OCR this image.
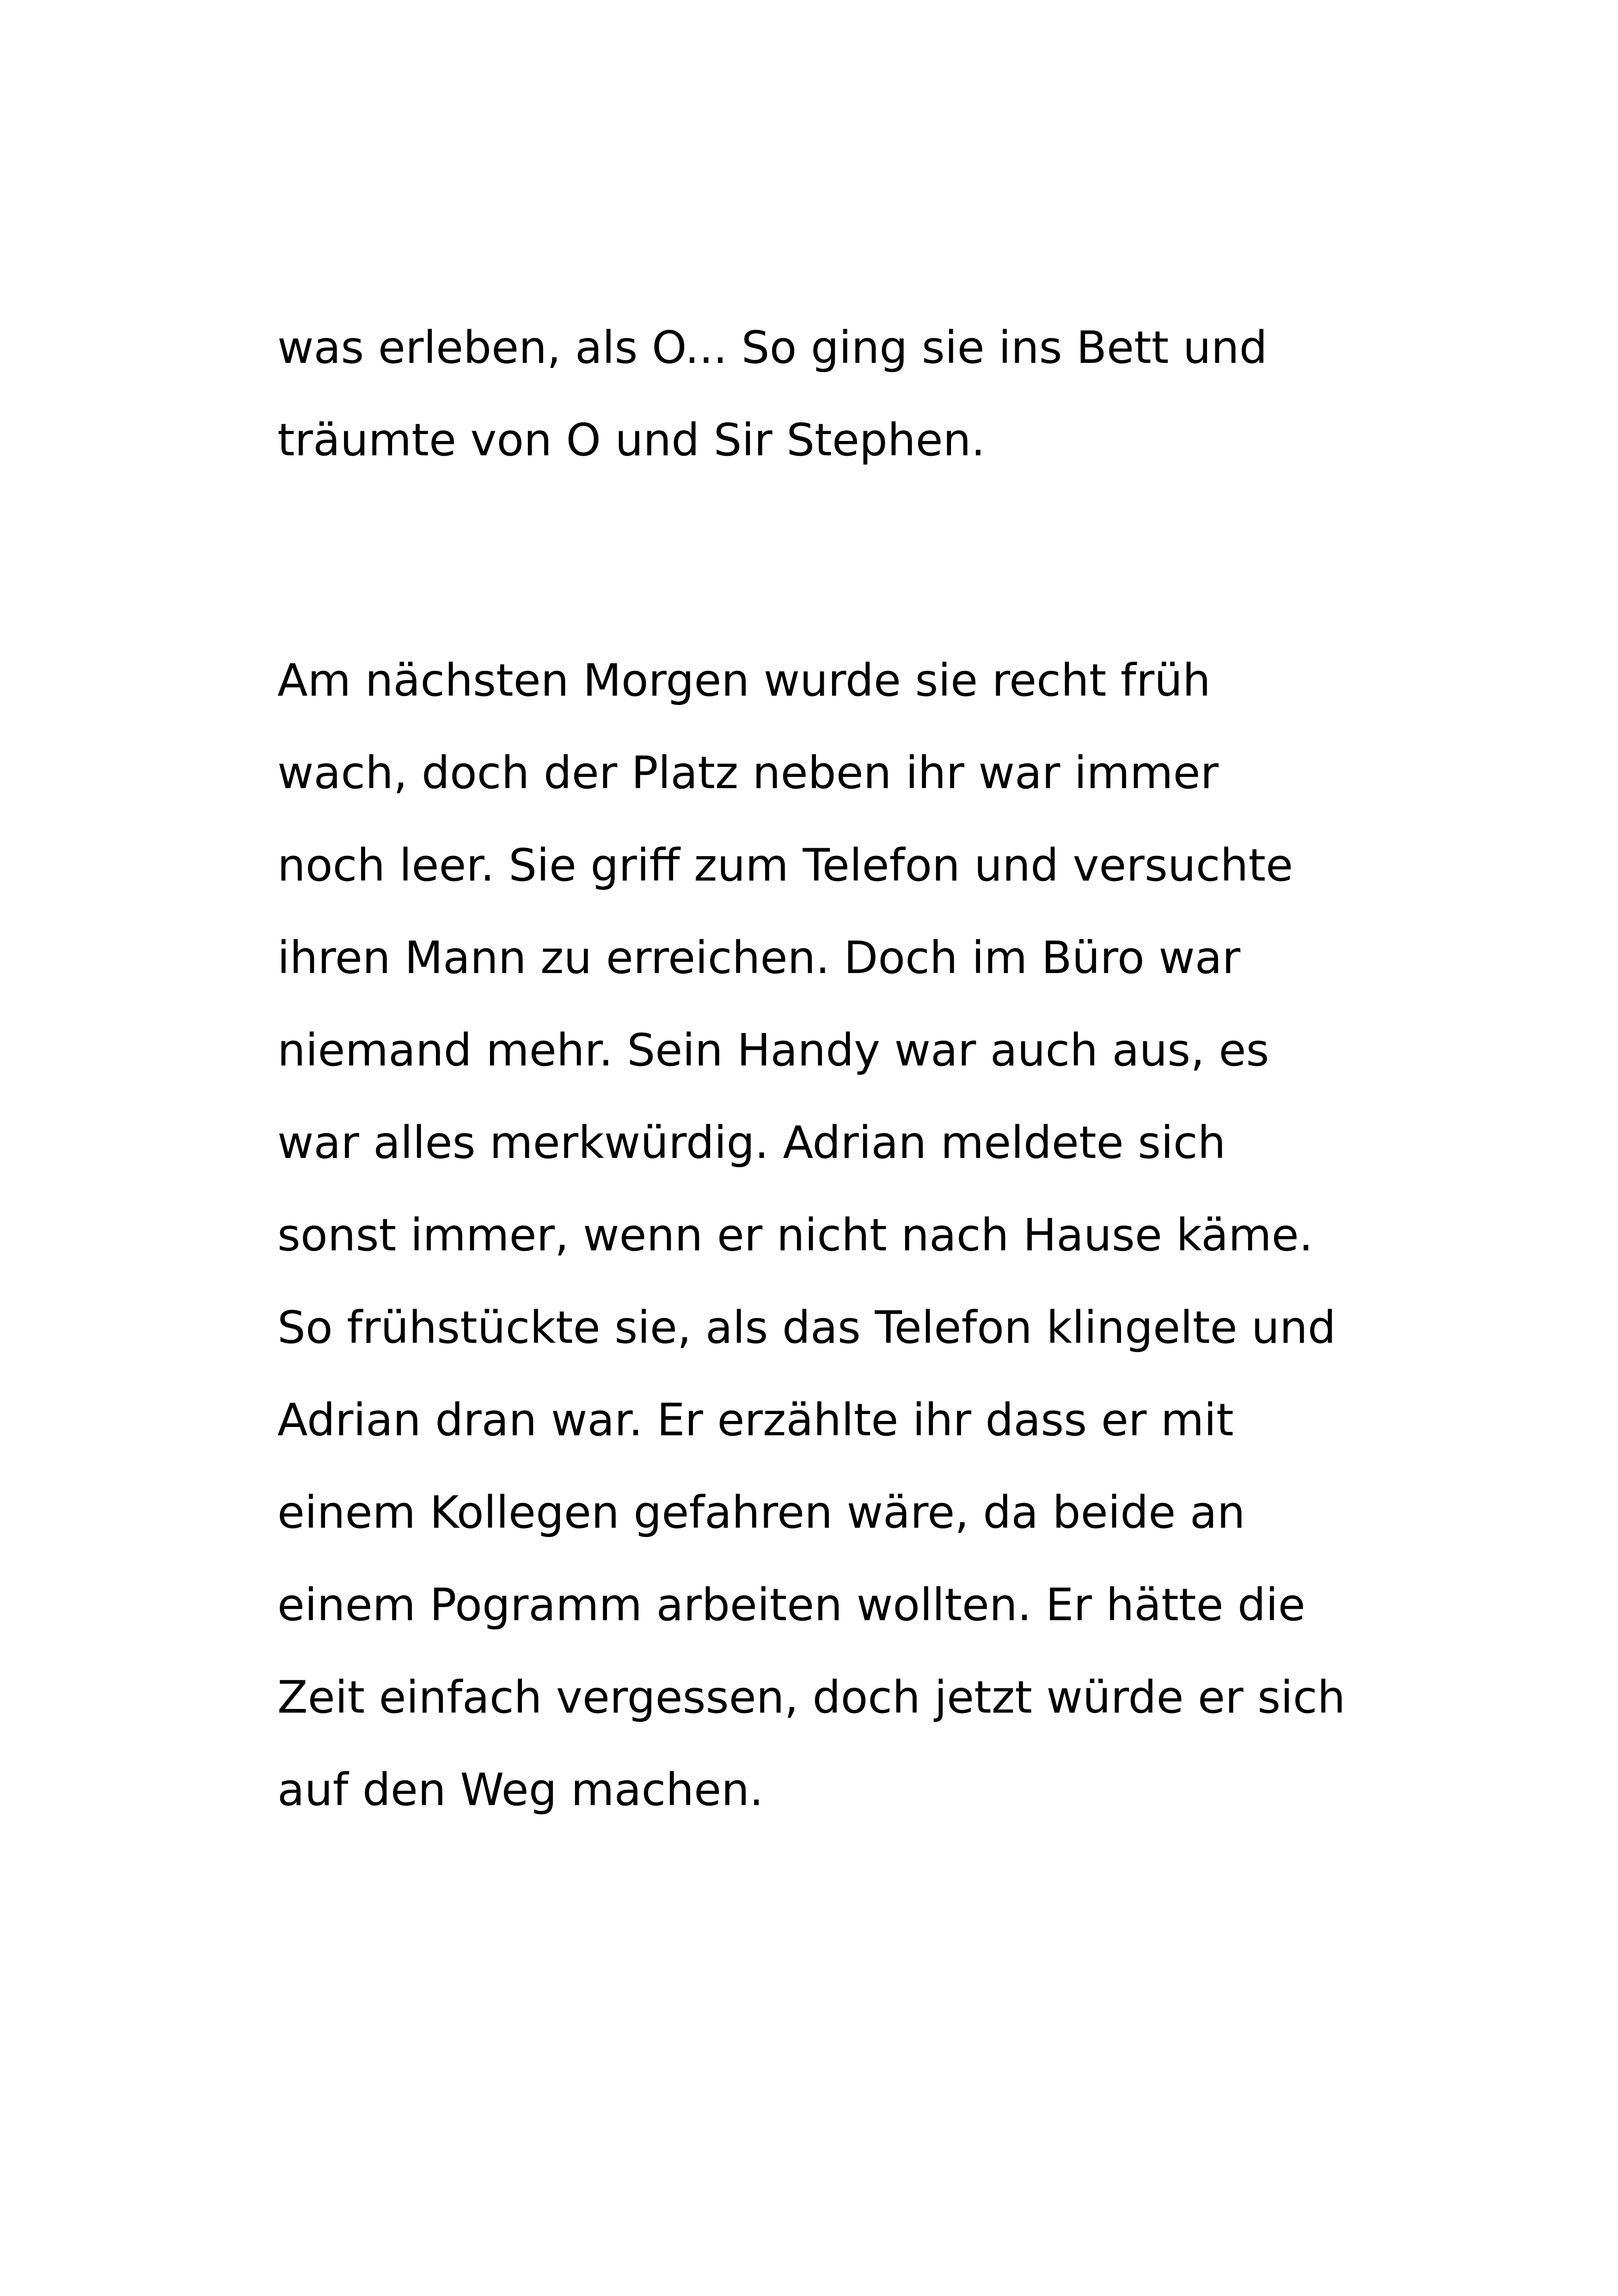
was erleben, als O... So ging sie ins Bett und
träumte von O und Sir Stephen.
Am nächsten Morgen wurde sie recht früh
wach, doch der Platz neben ihr war immer
noch leer. Sie griff zum Telefon und versuchte
ihren Mann zu erreichen. Doch im Büro war
niemand mehr. Sein Handy war auch aus, es
war alles merkwürdig. Adrian meldete sich
sonst immer, wenn er nicht nach Hause käme.
So frühstückte sie, als das Telefon klingelte und
Adrian dran war. Er erzählte ihr dass er mit
einem Kollegen gefahren wäre, da beide an
einem Pogramm arbeiten wollten. Er hätte die
Zeit einfach vergessen, doch jetzt würde er sich
auf den Weg machen.
